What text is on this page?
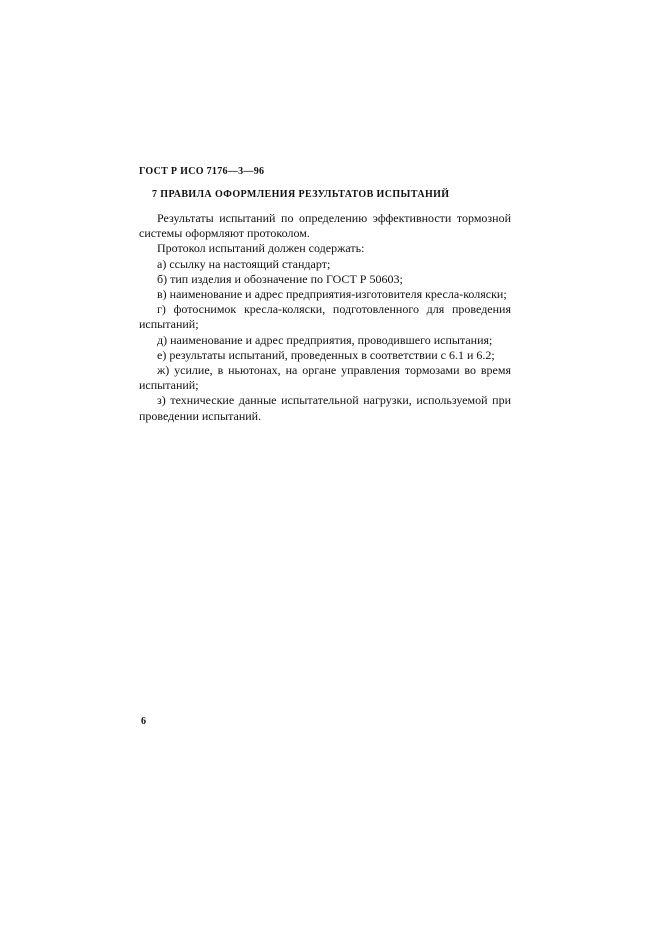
ГОСТ Р ИСО 7176—3—96
7 ПРАВИЛА ОФОРМЛЕНИЯ РЕЗУЛЬТАТОВ ИСПЫТАНИЙ

Результаты испытаний по определению эффективности тормозной системы оформляют протоколом.

Протокол испытаний должен содержать:

а) ссылку на настоящий стандарт;

б) тип изделия и обозначение по ГОСТ Р 50603;

в) наименование и адрес предприятия-изготовителя кресла-коляски;

г) фотоснимок кресла-коляски, подготовленного для проведения испытаний;

д) наименование и адрес предприятия, проводившего испытания;

е) результаты испытаний, проведенных в соответствии с 6.1 и 6.2;

ж) усилие, в ньютонах, на органе управления тормозами во время испытаний;

з) технические данные испытательной нагрузки, используемой при проведении испытаний.

6
